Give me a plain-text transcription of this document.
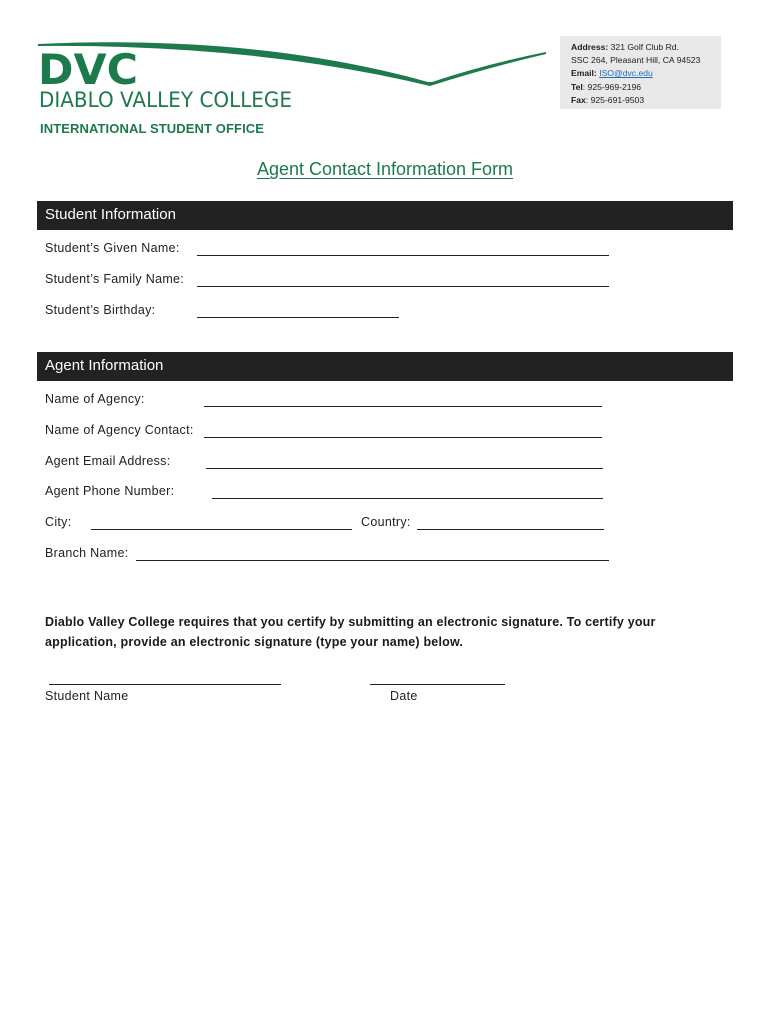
DVC
DIABLO VALLEY COLLEGE
Address: 321 Golf Club Rd.
SSC 264, Pleasant Hill, CA 94523
Email: ISO@dvc.edu
Tel: 925-969-2196
Fax: 925-691-9503
INTERNATIONAL STUDENT OFFICE
Agent Contact Information Form
Student Information
Student’s Given Name:
Student’s Family Name:
Student’s Birthday:
Agent Information
Name of Agency:
Name of Agency Contact:
Agent Email Address:
Agent Phone Number:
City:	Country:
Branch Name:
Diablo Valley College requires that you certify by submitting an electronic signature. To certify your application, provide an electronic signature (type your name) below.
Student Name	Date
